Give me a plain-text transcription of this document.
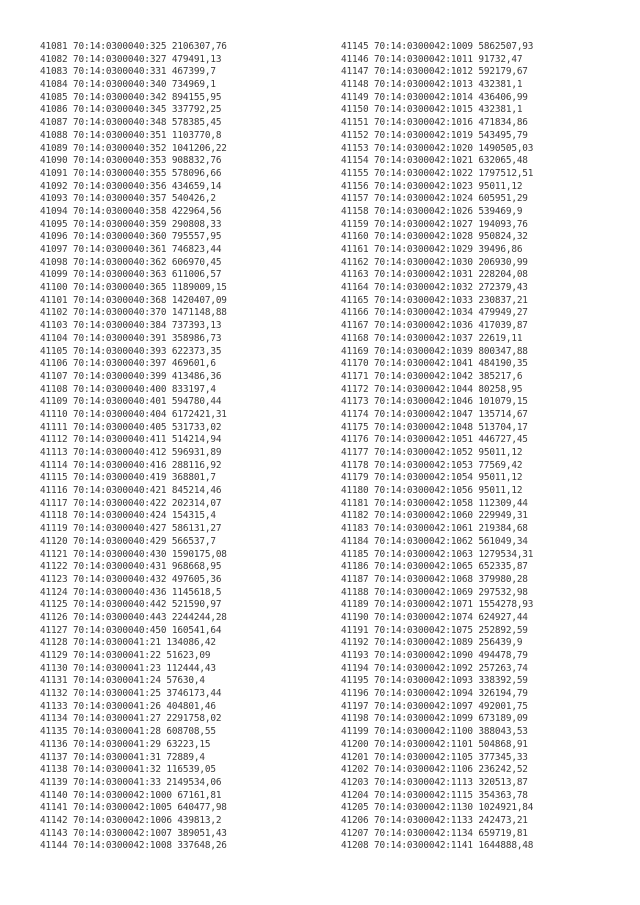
41081 70:14:0300040:325 2106307,76
41082 70:14:0300040:327 479491,13
41083 70:14:0300040:331 467399,7
41084 70:14:0300040:340 734969,1
41085 70:14:0300040:342 894155,95
41086 70:14:0300040:345 337792,25
41087 70:14:0300040:348 578385,45
41088 70:14:0300040:351 1103770,8
41089 70:14:0300040:352 1041206,22
41090 70:14:0300040:353 908832,76
41091 70:14:0300040:355 578096,66
41092 70:14:0300040:356 434659,14
41093 70:14:0300040:357 540426,2
41094 70:14:0300040:358 422964,56
41095 70:14:0300040:359 290808,33
41096 70:14:0300040:360 795557,95
41097 70:14:0300040:361 746823,44
41098 70:14:0300040:362 606970,45
41099 70:14:0300040:363 611006,57
41100 70:14:0300040:365 1189009,15
41101 70:14:0300040:368 1420407,09
41102 70:14:0300040:370 1471148,88
41103 70:14:0300040:384 737393,13
41104 70:14:0300040:391 358986,73
41105 70:14:0300040:393 622373,35
41106 70:14:0300040:397 469601,6
41107 70:14:0300040:399 413486,36
41108 70:14:0300040:400 833197,4
41109 70:14:0300040:401 594780,44
41110 70:14:0300040:404 6172421,31
41111 70:14:0300040:405 531733,02
41112 70:14:0300040:411 514214,94
41113 70:14:0300040:412 596931,89
41114 70:14:0300040:416 288116,92
41115 70:14:0300040:419 368801,7
41116 70:14:0300040:421 845214,46
41117 70:14:0300040:422 202314,07
41118 70:14:0300040:424 154315,4
41119 70:14:0300040:427 586131,27
41120 70:14:0300040:429 566537,7
41121 70:14:0300040:430 1590175,08
41122 70:14:0300040:431 968668,95
41123 70:14:0300040:432 497605,36
41124 70:14:0300040:436 1145618,5
41125 70:14:0300040:442 521590,97
41126 70:14:0300040:443 2244244,28
41127 70:14:0300040:450 160541,64
41128 70:14:0300041:21 134086,42
41129 70:14:0300041:22 51623,09
41130 70:14:0300041:23 112444,43
41131 70:14:0300041:24 57630,4
41132 70:14:0300041:25 3746173,44
41133 70:14:0300041:26 404801,46
41134 70:14:0300041:27 2291758,02
41135 70:14:0300041:28 608708,55
41136 70:14:0300041:29 63223,15
41137 70:14:0300041:31 72889,4
41138 70:14:0300041:32 116539,05
41139 70:14:0300041:33 2149534,06
41140 70:14:0300042:1000 67161,81
41141 70:14:0300042:1005 640477,98
41142 70:14:0300042:1006 439813,2
41143 70:14:0300042:1007 389051,43
41144 70:14:0300042:1008 337648,26
41145 70:14:0300042:1009 5862507,93
41146 70:14:0300042:1011 91732,47
41147 70:14:0300042:1012 592179,67
41148 70:14:0300042:1013 432381,1
41149 70:14:0300042:1014 436406,99
41150 70:14:0300042:1015 432381,1
41151 70:14:0300042:1016 471834,86
41152 70:14:0300042:1019 543495,79
41153 70:14:0300042:1020 1490505,03
41154 70:14:0300042:1021 632065,48
41155 70:14:0300042:1022 1797512,51
41156 70:14:0300042:1023 95011,12
41157 70:14:0300042:1024 605951,29
41158 70:14:0300042:1026 539469,9
41159 70:14:0300042:1027 194093,76
41160 70:14:0300042:1028 950824,32
41161 70:14:0300042:1029 39496,86
41162 70:14:0300042:1030 206930,99
41163 70:14:0300042:1031 228204,08
41164 70:14:0300042:1032 272379,43
41165 70:14:0300042:1033 230837,21
41166 70:14:0300042:1034 479949,27
41167 70:14:0300042:1036 417039,87
41168 70:14:0300042:1037 22619,11
41169 70:14:0300042:1039 800347,88
41170 70:14:0300042:1041 484190,35
41171 70:14:0300042:1042 385217,6
41172 70:14:0300042:1044 80258,95
41173 70:14:0300042:1046 101079,15
41174 70:14:0300042:1047 135714,67
41175 70:14:0300042:1048 513704,17
41176 70:14:0300042:1051 446727,45
41177 70:14:0300042:1052 95011,12
41178 70:14:0300042:1053 77569,42
41179 70:14:0300042:1054 95011,12
41180 70:14:0300042:1056 95011,12
41181 70:14:0300042:1058 112309,44
41182 70:14:0300042:1060 229949,31
41183 70:14:0300042:1061 219384,68
41184 70:14:0300042:1062 561049,34
41185 70:14:0300042:1063 1279534,31
41186 70:14:0300042:1065 652335,87
41187 70:14:0300042:1068 379980,28
41188 70:14:0300042:1069 297532,98
41189 70:14:0300042:1071 1554278,93
41190 70:14:0300042:1074 624927,44
41191 70:14:0300042:1075 252892,59
41192 70:14:0300042:1089 256439,9
41193 70:14:0300042:1090 494478,79
41194 70:14:0300042:1092 257263,74
41195 70:14:0300042:1093 338392,59
41196 70:14:0300042:1094 326194,79
41197 70:14:0300042:1097 492001,75
41198 70:14:0300042:1099 673189,09
41199 70:14:0300042:1100 388043,53
41200 70:14:0300042:1101 504868,91
41201 70:14:0300042:1105 377345,33
41202 70:14:0300042:1106 236242,52
41203 70:14:0300042:1113 320513,87
41204 70:14:0300042:1115 354363,78
41205 70:14:0300042:1130 1024921,84
41206 70:14:0300042:1133 242473,21
41207 70:14:0300042:1134 659719,81
41208 70:14:0300042:1141 1644888,48
